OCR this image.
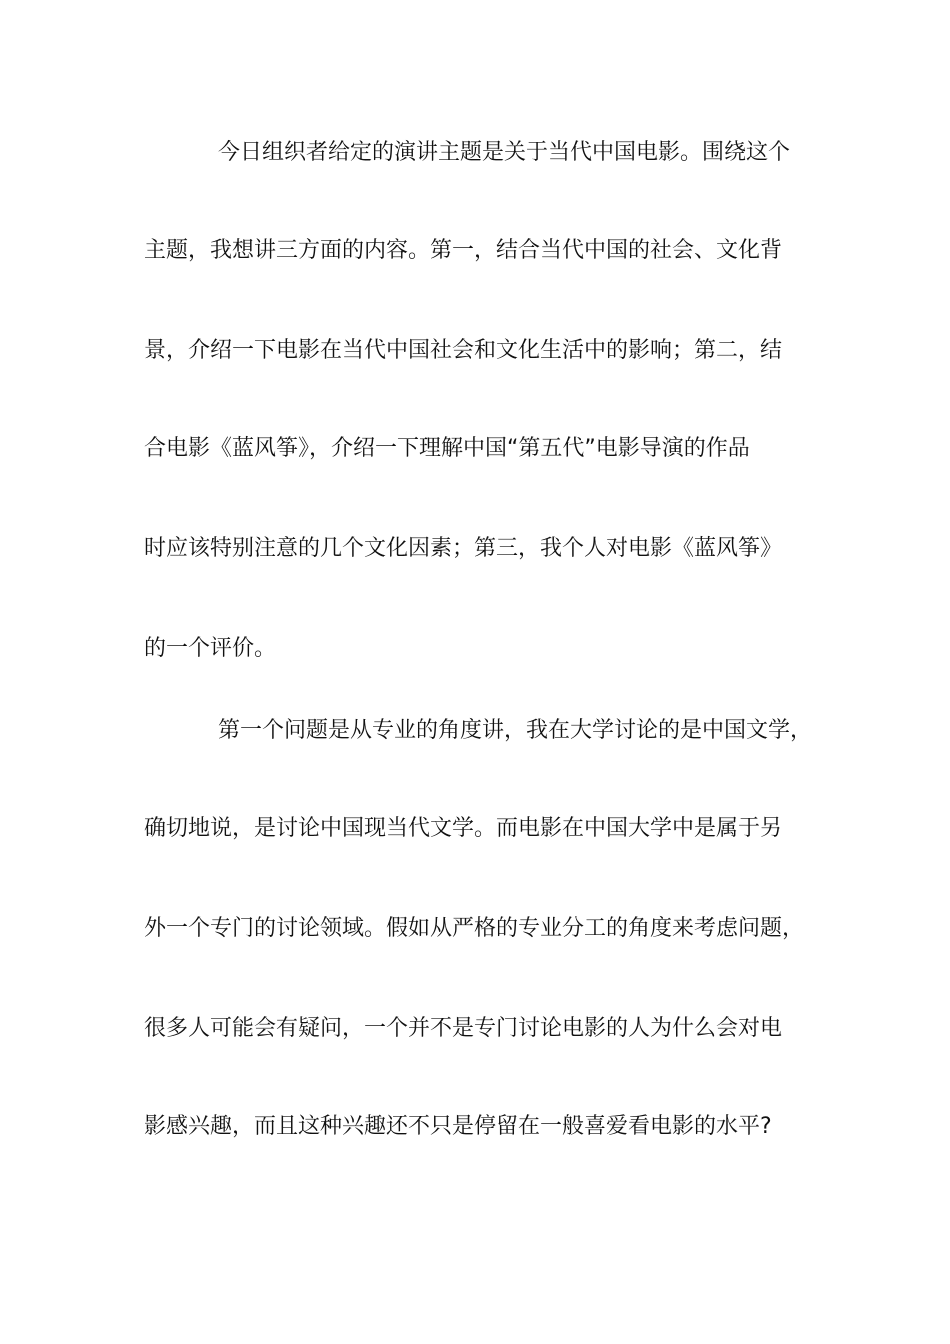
今日组织者给定的演讲主题是关于当代中国电影。围绕这个
主题，我想讲三方面的内容。第一，结合当代中国的社会、文化背
景，介绍一下电影在当代中国社会和文化生活中的影响；第二，结
合电影《蓝风筝》，介绍一下理解中国“第五代”电影导演的作品
时应该特别注意的几个文化因素；第三，我个人对电影《蓝风筝》
的一个评价。
第一个问题是从专业的角度讲，我在大学讨论的是中国文学，
确切地说，是讨论中国现当代文学。而电影在中国大学中是属于另
外一个专门的讨论领域。假如从严格的专业分工的角度来考虑问题，
很多人可能会有疑问，一个并不是专门讨论电影的人为什么会对电
影感兴趣，而且这种兴趣还不只是停留在一般喜爱看电影的水平?
